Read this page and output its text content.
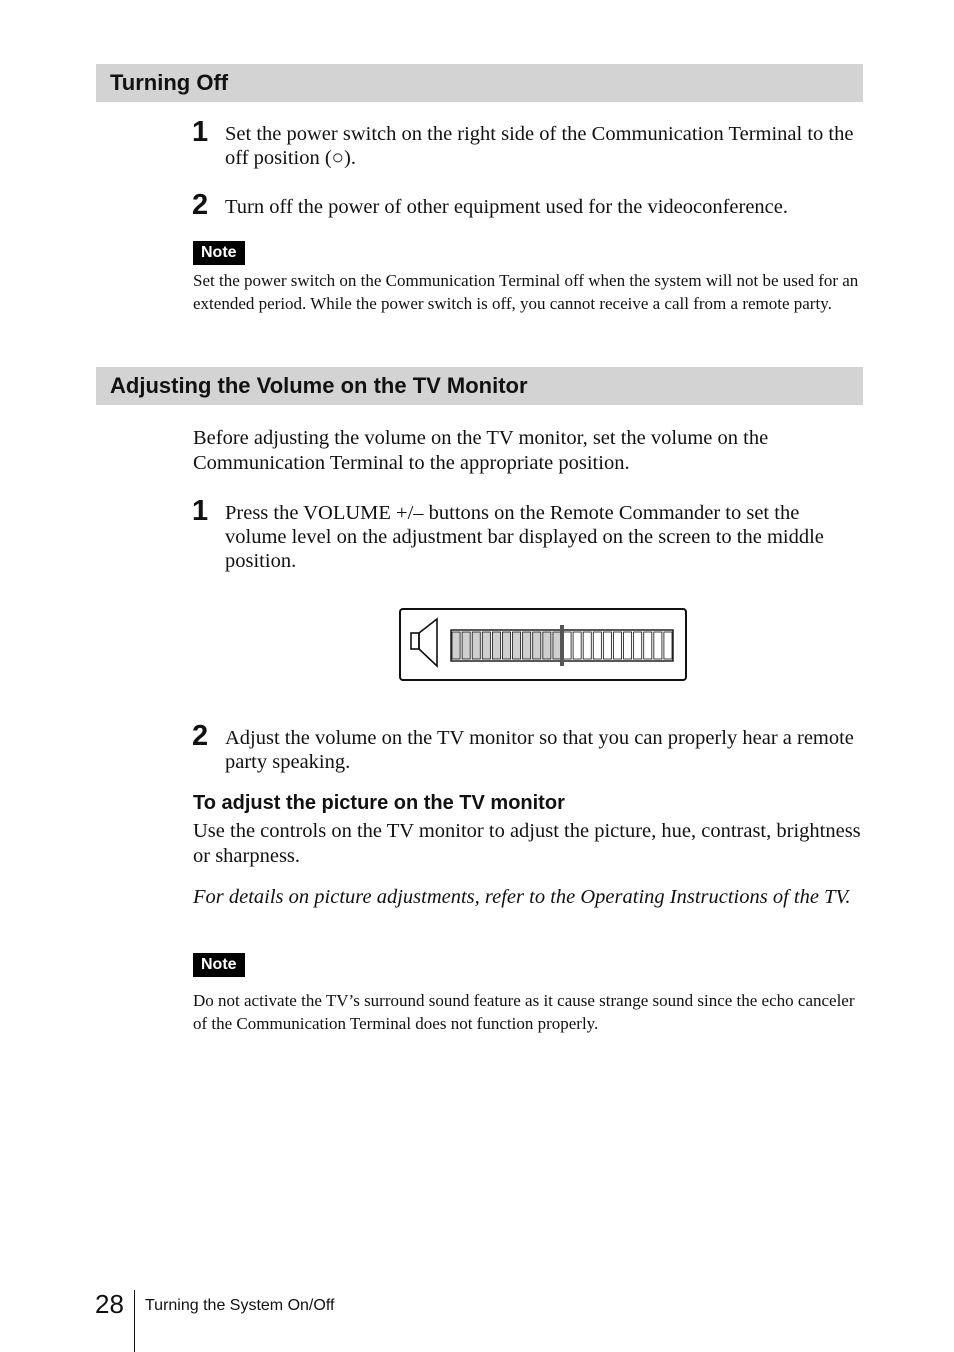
Turning Off
1 Set the power switch on the right side of the Communication Terminal to the off position (○).
2 Turn off the power of other equipment used for the videoconference.
Note
Set the power switch on the Communication Terminal off when the system will not be used for an extended period. While the power switch is off, you cannot receive a call from a remote party.
Adjusting the Volume on the TV Monitor
Before adjusting the volume on the TV monitor, set the volume on the Communication Terminal to the appropriate position.
1 Press the VOLUME +/– buttons on the Remote Commander to set the volume level on the adjustment bar displayed on the screen to the middle position.
2 Adjust the volume on the TV monitor so that you can properly hear a remote party speaking.
To adjust the picture on the TV monitor
Use the controls on the TV monitor to adjust the picture, hue, contrast, brightness or sharpness.
For details on picture adjustments, refer to the Operating Instructions of the TV.
Note
Do not activate the TV’s surround sound feature as it cause strange sound since the echo canceler of the Communication Terminal does not function properly.
28 Turning the System On/Off
